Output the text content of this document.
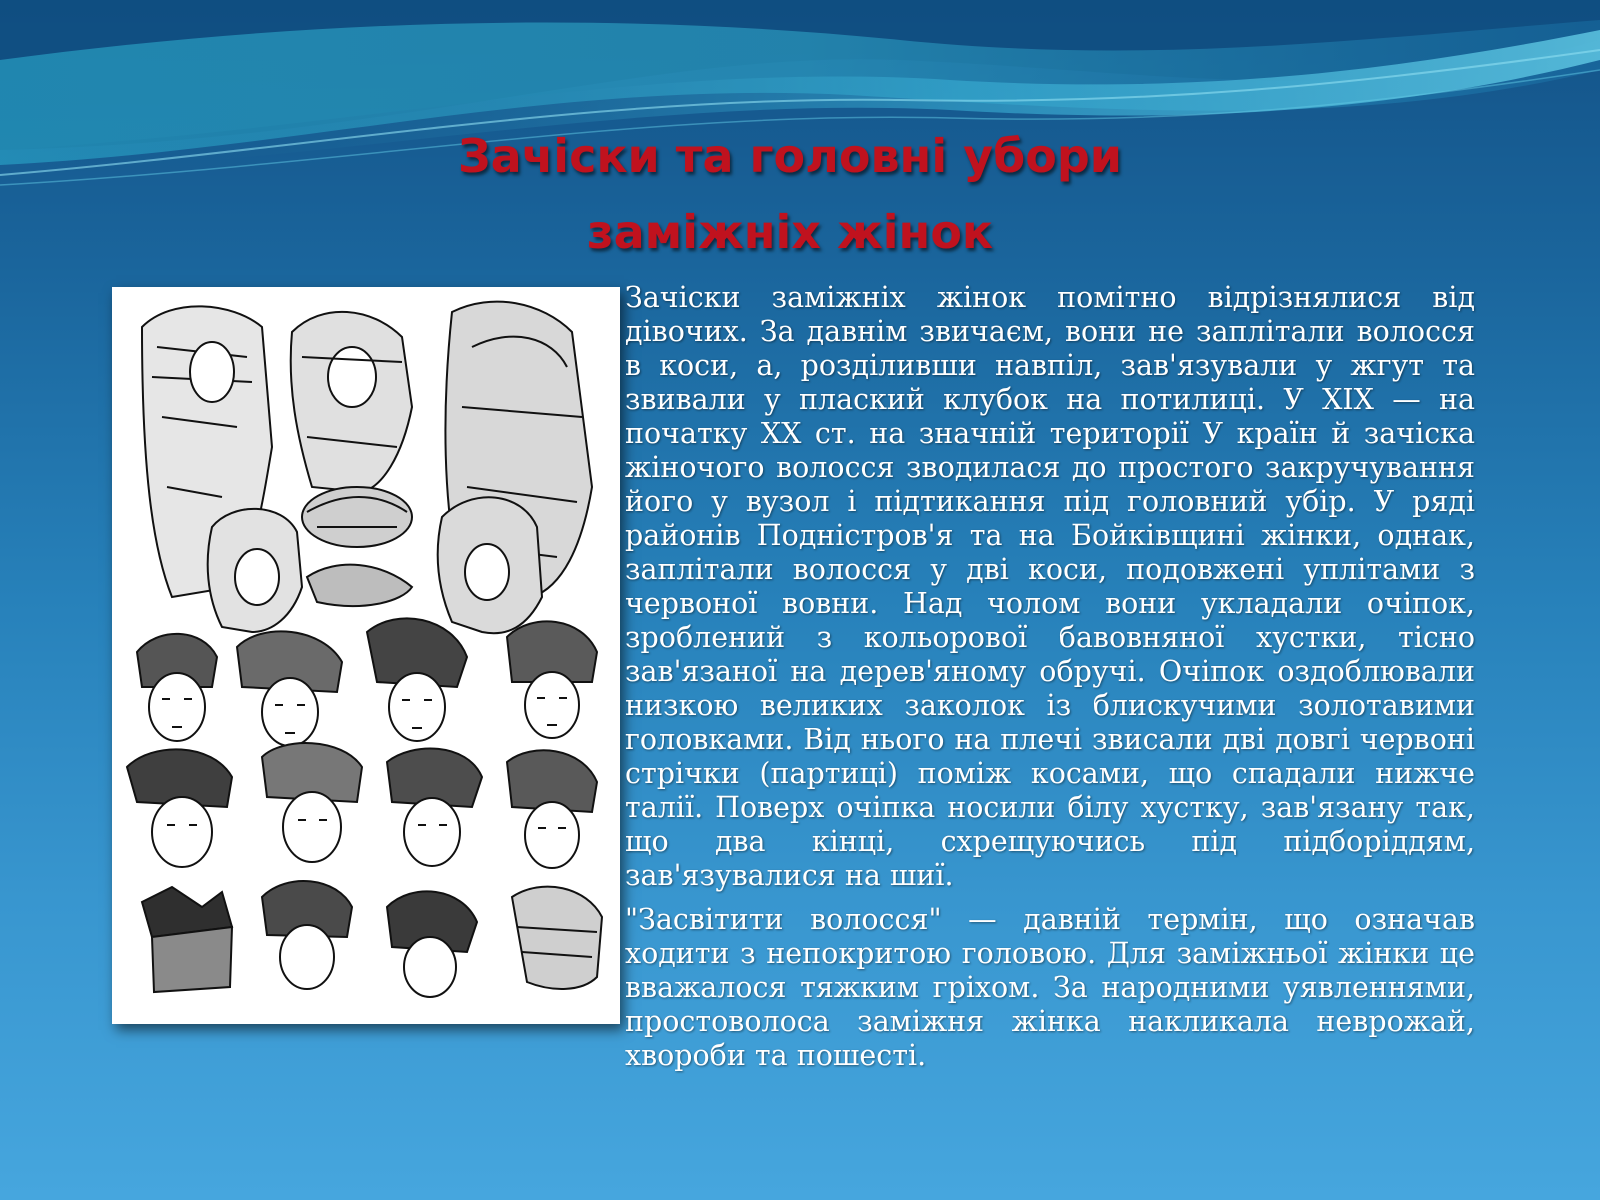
Зачіски та головні убори
заміжніх жінок

Зачіски заміжніх жінок помітно відрізнялися від дівочих. За давнім звичаєм, вони не заплітали волосся в коси, а, розділивши навпіл, зав'язували у жгут та звивали у плаский клубок на потилиці. У XIX — на початку XX ст. на значній території У країн й зачіска жіночого волосся зводилася до простого закручування його у вузол і підтикання під головний убір. У ряді районів Подністров'я та на Бойківщині жінки, однак, заплітали волосся у дві коси, подовжені уплітами з червоної вовни. Над чолом вони укладали очіпок, зроблений з кольорової бавовняної хустки, тісно зав'язаної на дерев'яному обручі. Очіпок оздоблювали низкою великих заколок із блискучими золотавими головками. Від нього на плечі звисали дві довгі червоні стрічки (партиці) поміж косами, що спадали нижче талії. Поверх очіпка носили білу хустку, зав'язану так, що два кінці, схрещуючись під підборіддям, зав'язувалися на шиї.

"Засвітити волосся" — давній термін, що означав ходити з непокритою головою. Для заміжньої жінки це вважалося тяжким гріхом. За народними уявленнями, простоволоса заміжня жінка накликала неврожай, хвороби та пошесті.
